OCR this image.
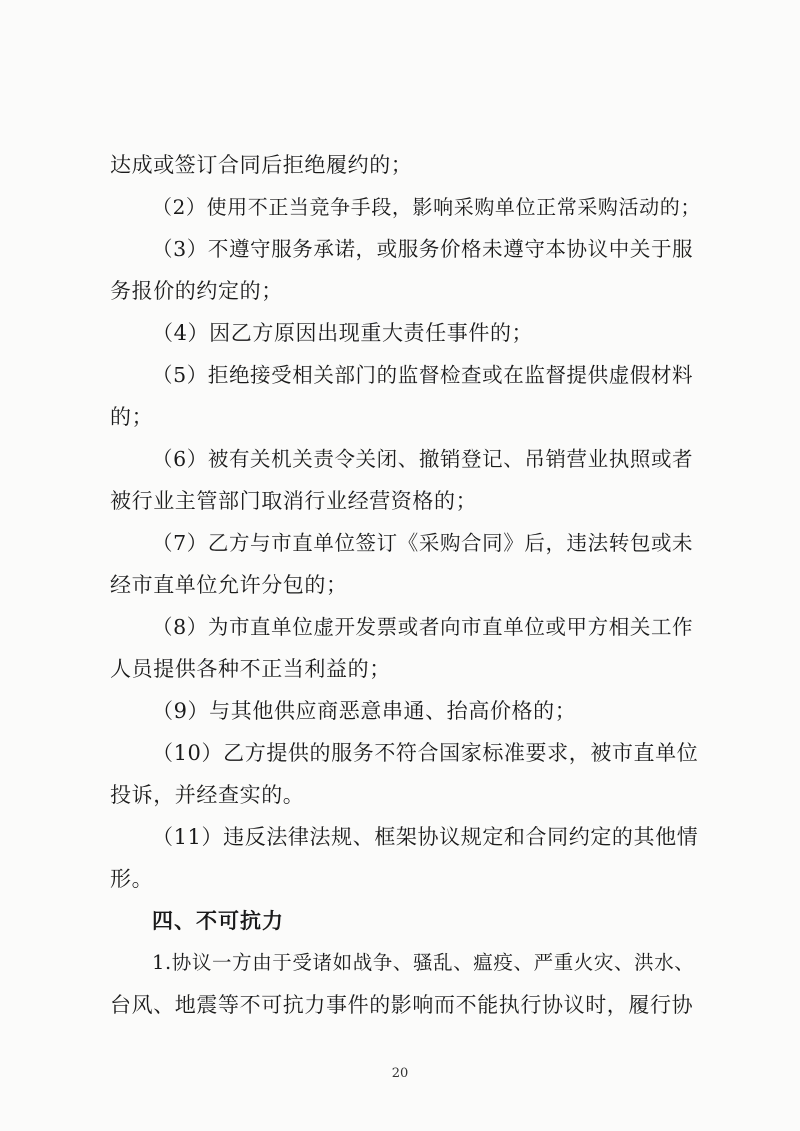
达成或签订合同后拒绝履约的；
（2）使用不正当竞争手段，影响采购单位正常采购活动的；
（3）不遵守服务承诺，或服务价格未遵守本协议中关于服
务报价的约定的；
（4）因乙方原因出现重大责任事件的；
（5）拒绝接受相关部门的监督检查或在监督提供虚假材料
的；
（6）被有关机关责令关闭、撤销登记、吊销营业执照或者
被行业主管部门取消行业经营资格的；
（7）乙方与市直单位签订《采购合同》后，违法转包或未
经市直单位允许分包的；
（8）为市直单位虚开发票或者向市直单位或甲方相关工作
人员提供各种不正当利益的；
（9）与其他供应商恶意串通、抬高价格的；
（10）乙方提供的服务不符合国家标准要求，被市直单位
投诉，并经查实的。
（11）违反法律法规、框架协议规定和合同约定的其他情
形。
四、不可抗力
1.协议一方由于受诸如战争、骚乱、瘟疫、严重火灾、洪水、
台风、地震等不可抗力事件的影响而不能执行协议时，履行协
20
